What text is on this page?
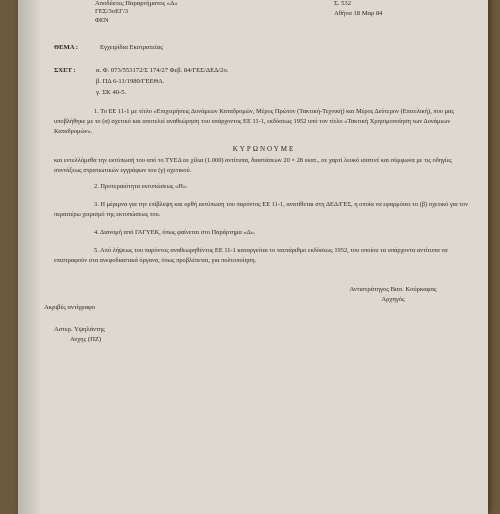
Αποδέκτες Παραρτήματος «Δ»
ΓΕΣ/3οΕΓ/3
ΦΕΝ
Σ. 532
Αθήνα 18 Μαρ 84
ΘΕΜΑ :	Εγχειρίδια Εκστρατείας
ΣΧΕΤ :	α. Φ. 073/553172/Σ 174/27 Φεβ. 84/ΓΕΣ/ΔΕΔ/2ο.
β. ΠΔ 6-11/1980/ΓΕΕΘΑ.
γ. ΣΚ 40-5.
1. Το ΕΕ 11-1 με τίτλο «Επιχειρήσεις Δυνάμεων Καταδρομών, Μέρος Πρώτον (Τακτική-Τεχνική) και Μέρος Δεύτερον (Επιτελική), που μας υποβλήθηκε με το (α) σχετικό και αποτελεί αναθεώρηση του υπάρχοντος ΕΕ 11-1, εκδόσεως 1952 υπό τον τίτλο «Τακτική Χρησιμοποίηση των Δυνάμεων Καταδρομών».
ΚΥΡΩΝΟΥΜΕ
και εντελλόμεθα την εκτύπωσή του από το ΤΥΕΔ σε χίλια (1.000) αντίτυπα, διαστάσεων 20 × 28 εκατ., σε χαρτί λευκό ισατινέ και σύμφωνα με τις οδηγίες συντάξεως στρατιωτικών εγγράφων του (γ) σχετικού.
2. Προτεραιότητα εκτυπώσεως «Η».
3. Η μέριμνα για την επίβλεψη και ορθή εκτύπωση του παρόντος ΕΕ 11-1, ανατίθεται στη ΔΕΔ/ΓΕΣ, η οποία να εφαρμόσει το (β) σχετικό για τον περαιτέρω χειρισμό της εκτυπώσεως του.
4. Διανομή από ΓΑΓΥΕΚ, όπως φαίνεται στο Παράρτημα «Δ».
5. Από λήψεως του παρόντος αναθεωρηθέντος ΕΕ 11-1 καταργείται το ταυτάριθμο εκδόσεως 1952, του οποίου τα υπάρχοντα αντίτυπα να επιστραφούν στα ανεφοδιαστικά όργανα, όπως προβλέπεται, για πολτοποίηση.
Αντιστράτηγος Βασ. Κούρκαφας
Αρχηγός
Ακριβές αντίγραφο
Αστερ. Υψηλάντης
Ανχης (ΠΖ)
